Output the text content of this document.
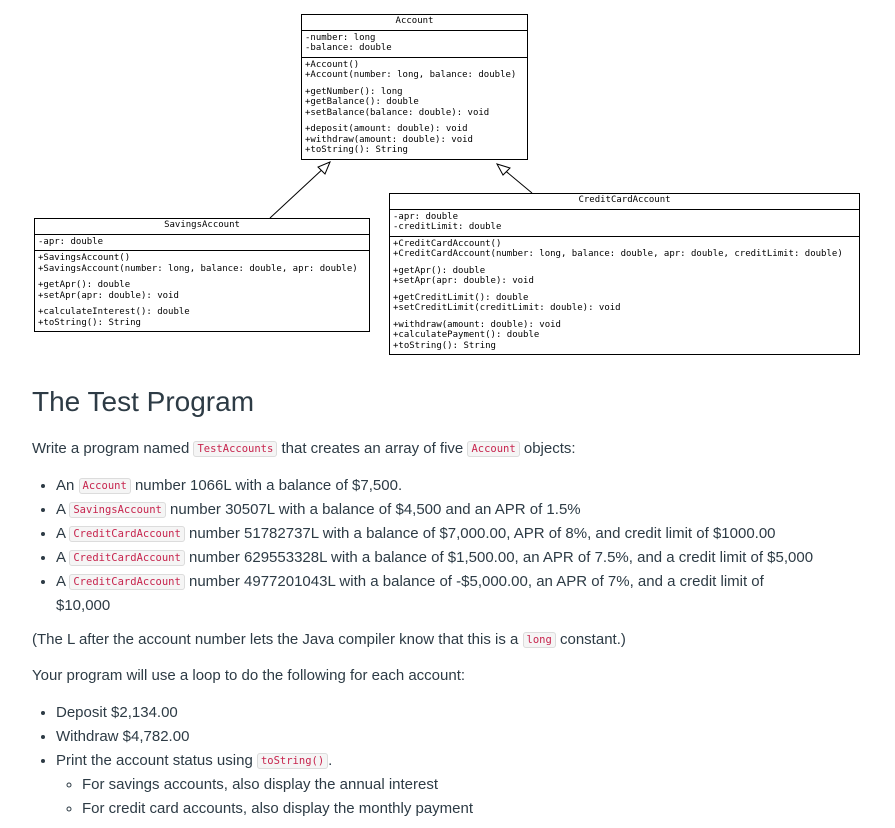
Account
-number: long
-balance: double
+Account()
+Account(number: long, balance: double)
+getNumber(): long
+getBalance(): double
+setBalance(balance: double): void
+deposit(amount: double): void
+withdraw(amount: double): void
+toString(): String
SavingsAccount
-apr: double
+SavingsAccount()
+SavingsAccount(number: long, balance: double, apr: double)
+getApr(): double
+setApr(apr: double): void
+calculateInterest(): double
+toString(): String
CreditCardAccount
-apr: double
-creditLimit: double
+CreditCardAccount()
+CreditCardAccount(number: long, balance: double, apr: double, creditLimit: double)
+getApr(): double
+setApr(apr: double): void
+getCreditLimit(): double
+setCreditLimit(creditLimit: double): void
+withdraw(amount: double): void
+calculatePayment(): double
+toString(): String
The Test Program

Write a program named TestAccounts that creates an array of five Account objects:

• An Account number 1066L with a balance of $7,500.
• A SavingsAccount number 30507L with a balance of $4,500 and an APR of 1.5%
• A CreditCardAccount number 51782737L with a balance of $7,000.00, APR of 8%, and credit limit of $1000.00
• A CreditCardAccount number 629553328L with a balance of $1,500.00, an APR of 7.5%, and a credit limit of $5,000
• A CreditCardAccount number 4977201043L with a balance of -$5,000.00, an APR of 7%, and a credit limit of
$10,000

(The L after the account number lets the Java compiler know that this is a long constant.)

Your program will use a loop to do the following for each account:

• Deposit $2,134.00
• Withdraw $4,782.00
• Print the account status using toString() .
◦ For savings accounts, also display the annual interest
◦ For credit card accounts, also display the monthly payment
